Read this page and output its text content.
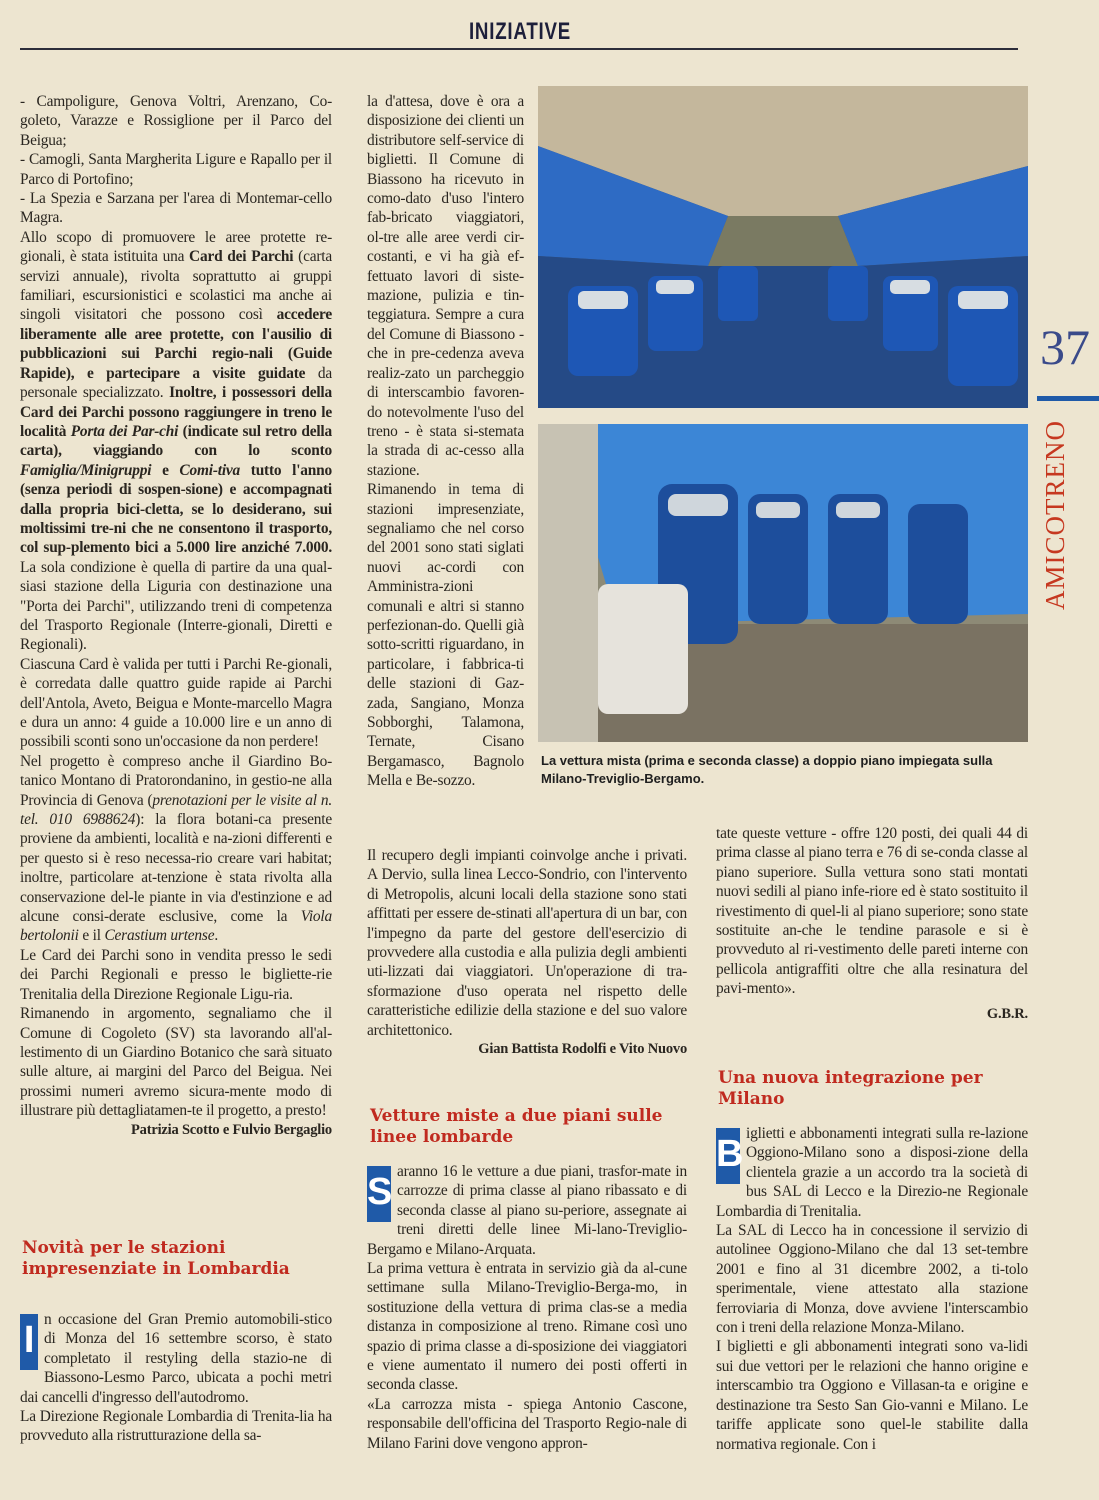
INIZIATIVE

- Campoligure, Genova Voltri, Arenzano, Co-goleto, Varazze e Rossiglione per il Parco del Beigua;

- Camogli, Santa Margherita Ligure e Rapallo per il Parco di Portofino;

- La Spezia e Sarzana per l'area di Montemar-cello Magra.

Allo scopo di promuovere le aree protette re-gionali, è stata istituita una Card dei Parchi (carta servizi annuale), rivolta soprattutto ai gruppi familiari, escursionistici e scolastici ma anche ai singoli visitatori che possono così accedere liberamente alle aree protette, con l'ausilio di pubblicazioni sui Parchi regio-nali (Guide Rapide), e partecipare a visite guidate da personale specializzato. Inoltre, i possessori della Card dei Parchi possono raggiungere in treno le località Porta dei Par-chi (indicate sul retro della carta), viaggiando con lo sconto Famiglia/Minigruppi e Comi-tiva tutto l'anno (senza periodi di sospen-sione) e accompagnati dalla propria bici-cletta, se lo desiderano, sui moltissimi tre-ni che ne consentono il trasporto, col sup-plemento bici a 5.000 lire anziché 7.000. La sola condizione è quella di partire da una qual-siasi stazione della Liguria con destinazione una "Porta dei Parchi", utilizzando treni di competenza del Trasporto Regionale (Interre-gionali, Diretti e Regionali).

Ciascuna Card è valida per tutti i Parchi Re-gionali, è corredata dalle quattro guide rapide ai Parchi dell'Antola, Aveto, Beigua e Monte-marcello Magra e dura un anno: 4 guide a 10.000 lire e un anno di possibili sconti sono un'occasione da non perdere!

Nel progetto è compreso anche il Giardino Bo-tanico Montano di Pratorondanino, in gestio-ne alla Provincia di Genova (prenotazioni per le visite al n. tel. 010 6988624): la flora botani-ca presente proviene da ambienti, località e na-zioni differenti e per questo si è reso necessa-rio creare vari habitat; inoltre, particolare at-tenzione è stata rivolta alla conservazione del-le piante in via d'estinzione e ad alcune consi-derate esclusive, come la Viola bertolonii e il Cerastium urtense.

Le Card dei Parchi sono in vendita presso le sedi dei Parchi Regionali e presso le bigliette-rie Trenitalia della Direzione Regionale Ligu-ria.

Rimanendo in argomento, segnaliamo che il Comune di Cogoleto (SV) sta lavorando all'al-lestimento di un Giardino Botanico che sarà situato sulle alture, ai margini del Parco del Beigua. Nei prossimi numeri avremo sicura-mente modo di illustrare più dettagliatamen-te il progetto, a presto!

Patrizia Scotto e Fulvio Bergaglio

Novità per le stazioni impresenziate in Lombardia
I n occasione del Gran Premio automobili-stico di Monza del 16 settembre scorso, è stato completato il restyling della stazio-ne di Biassono-Lesmo Parco, ubicata a pochi metri dai cancelli d'ingresso dell'autodromo.

La Direzione Regionale Lombardia di Trenita-lia ha provveduto alla ristrutturazione della sa-

la d'attesa, dove è ora a disposizione dei clienti un distributore self-service di biglietti. Il Comune di Biassono ha ricevuto in como-dato d'uso l'intero fab-bricato viaggiatori, ol-tre alle aree verdi cir-costanti, e vi ha già ef-fettuato lavori di siste-mazione, pulizia e tin-teggiatura. Sempre a cura del Comune di Biassono - che in pre-cedenza aveva realiz-zato un parcheggio di interscambio favoren-do notevolmente l'uso del treno - è stata si-stemata la strada di ac-cesso alla stazione.

Rimanendo in tema di stazioni impresenziate, segnaliamo che nel corso del 2001 sono stati siglati nuovi ac-cordi con Amministra-zioni comunali e altri si stanno perfezionan-do. Quelli già sotto-scritti riguardano, in particolare, i fabbrica-ti delle stazioni di Gaz-zada, Sangiano, Monza Sobborghi, Talamona, Ternate, Cisano Bergamasco, Bagnolo Mella e Be-sozzo.

Il recupero degli impianti coinvolge anche i privati. A Dervio, sulla linea Lecco-Sondrio, con l'intervento di Metropolis, alcuni locali della stazione sono stati affittati per essere de-stinati all'apertura di un bar, con l'impegno da parte del gestore dell'esercizio di provvedere alla custodia e alla pulizia degli ambienti uti-lizzati dai viaggiatori. Un'operazione di tra-sformazione d'uso operata nel rispetto delle caratteristiche edilizie della stazione e del suo valore architettonico.

Gian Battista Rodolfi e Vito Nuovo

Vetture miste a due piani sulle linee lombarde
S aranno 16 le vetture a due piani, trasfor-mate in carrozze di prima classe al piano ribassato e di seconda classe al piano su-periore, assegnate ai treni diretti delle linee Mi-lano-Treviglio-Bergamo e Milano-Arquata.

La prima vettura è entrata in servizio già da al-cune settimane sulla Milano-Treviglio-Berga-mo, in sostituzione della vettura di prima clas-se a media distanza in composizione al treno. Rimane così uno spazio di prima classe a di-sposizione dei viaggiatori e viene aumentato il numero dei posti offerti in seconda classe.

«La carrozza mista - spiega Antonio Cascone, responsabile dell'officina del Trasporto Regio-nale di Milano Farini dove vengono appron-

La vettura mista (prima e seconda classe) a doppio piano impiegata sulla Milano-Treviglio-Bergamo.

tate queste vetture - offre 120 posti, dei quali 44 di prima classe al piano terra e 76 di se-conda classe al piano superiore. Sulla vettura sono stati montati nuovi sedili al piano infe-riore ed è stato sostituito il rivestimento di quel-li al piano superiore; sono state sostituite an-che le tendine parasole e si è provveduto al ri-vestimento delle pareti interne con pellicola antigraffiti oltre che alla resinatura del pavi-mento».

G.B.R.

Una nuova integrazione per Milano
B iglietti e abbonamenti integrati sulla re-lazione Oggiono-Milano sono a disposi-zione della clientela grazie a un accordo tra la società di bus SAL di Lecco e la Direzio-ne Regionale Lombardia di Trenitalia.

La SAL di Lecco ha in concessione il servizio di autolinee Oggiono-Milano che dal 13 set-tembre 2001 e fino al 31 dicembre 2002, a ti-tolo sperimentale, viene attestato alla stazione ferroviaria di Monza, dove avviene l'interscambio con i treni della relazione Monza-Milano.

I biglietti e gli abbonamenti integrati sono va-lidi sui due vettori per le relazioni che hanno origine e interscambio tra Oggiono e Villasan-ta e origine e destinazione tra Sesto San Gio-vanni e Milano. Le tariffe applicate sono quel-le stabilite dalla normativa regionale. Con i

37
AMICOTRENO
